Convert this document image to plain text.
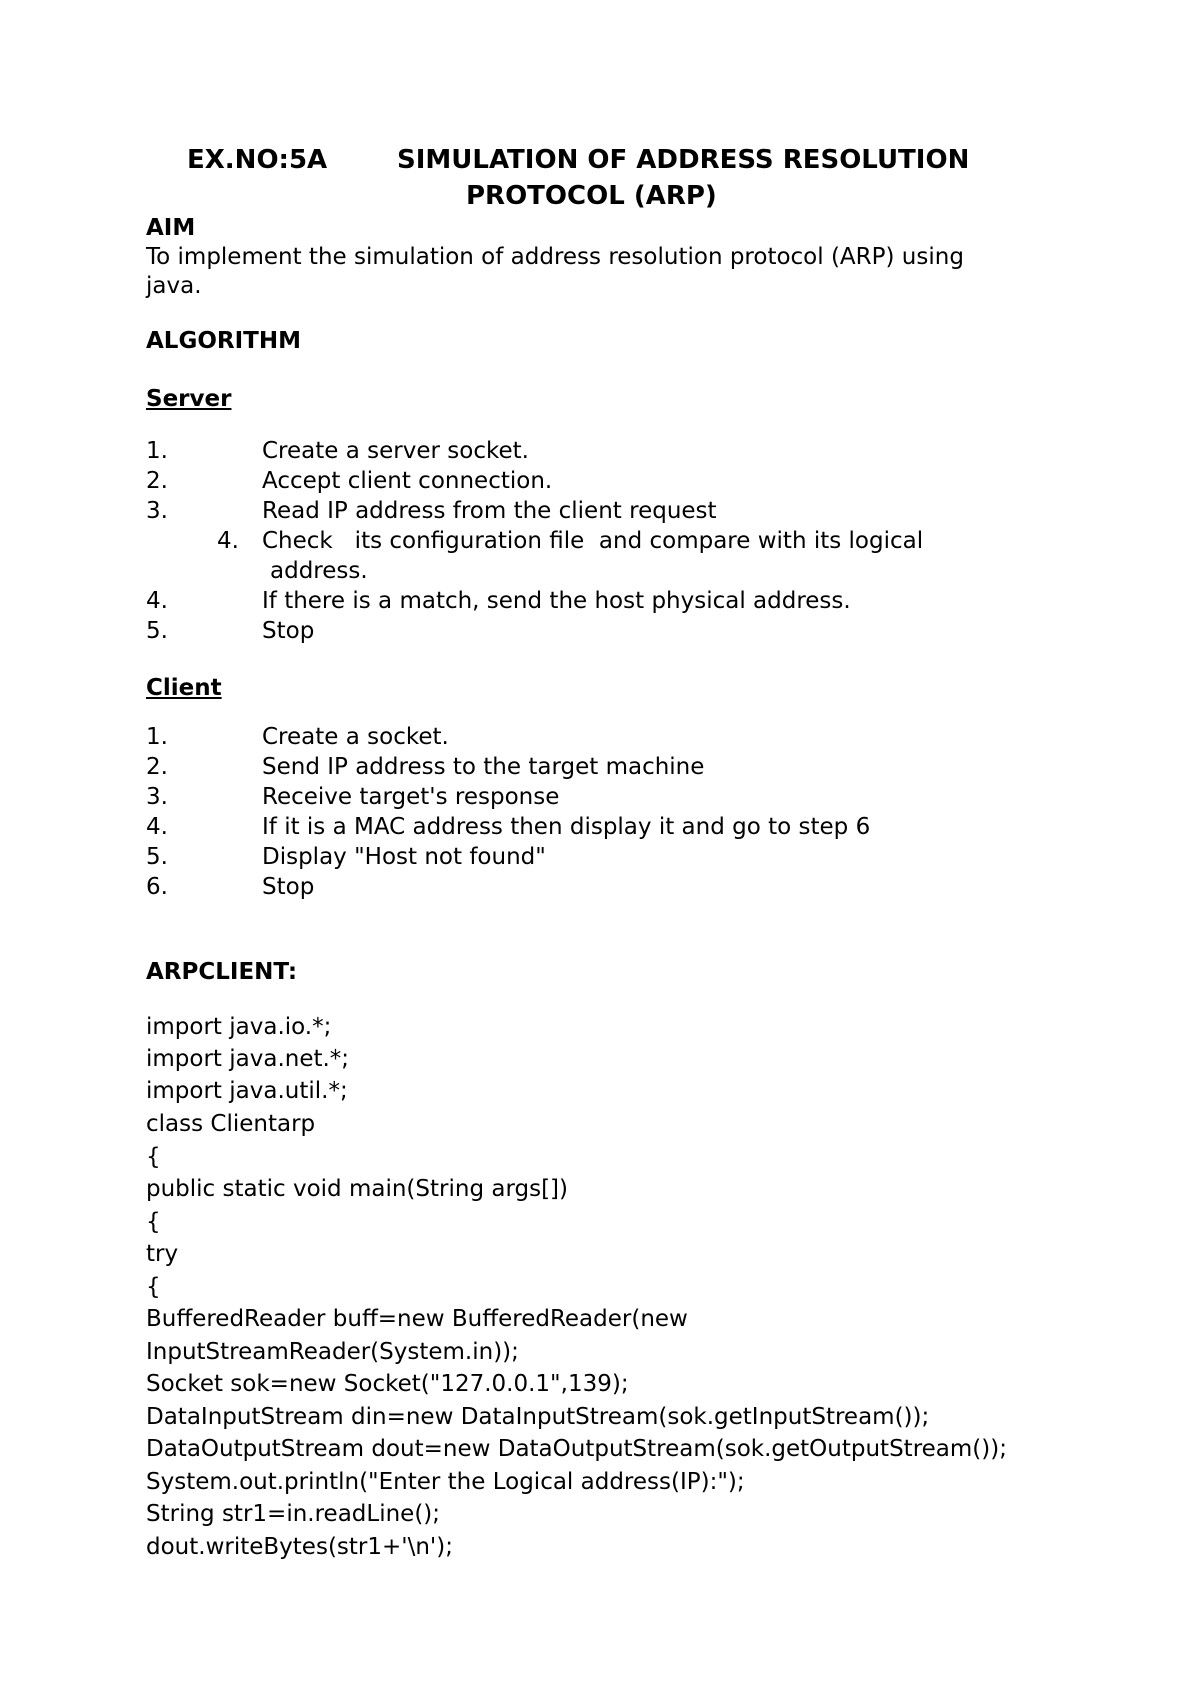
EX.NO:5A	SIMULATION OF ADDRESS RESOLUTION
PROTOCOL (ARP)
AIM
To implement the simulation of address resolution protocol (ARP) using
java.
ALGORITHM
Server
1.	Create a server socket.
2.	Accept client connection.
3.	Read IP address from the client request
4. Check   its configuration file  and compare with its logical
address.
4.	If there is a match, send the host physical address.
5.	Stop
Client
1.	Create a socket.
2.	Send IP address to the target machine
3.	Receive target's response
4.	If it is a MAC address then display it and go to step 6
5.	Display "Host not found"
6.	Stop
ARPCLIENT:
import java.io.*;
import java.net.*;
import java.util.*;
class Clientarp
{
public static void main(String args[])
{
try
{
BufferedReader buff=new BufferedReader(new
InputStreamReader(System.in));
Socket sok=new Socket("127.0.0.1",139);
DataInputStream din=new DataInputStream(sok.getInputStream());
DataOutputStream dout=new DataOutputStream(sok.getOutputStream());
System.out.println("Enter the Logical address(IP):");
String str1=in.readLine();
dout.writeBytes(str1+'\n');
